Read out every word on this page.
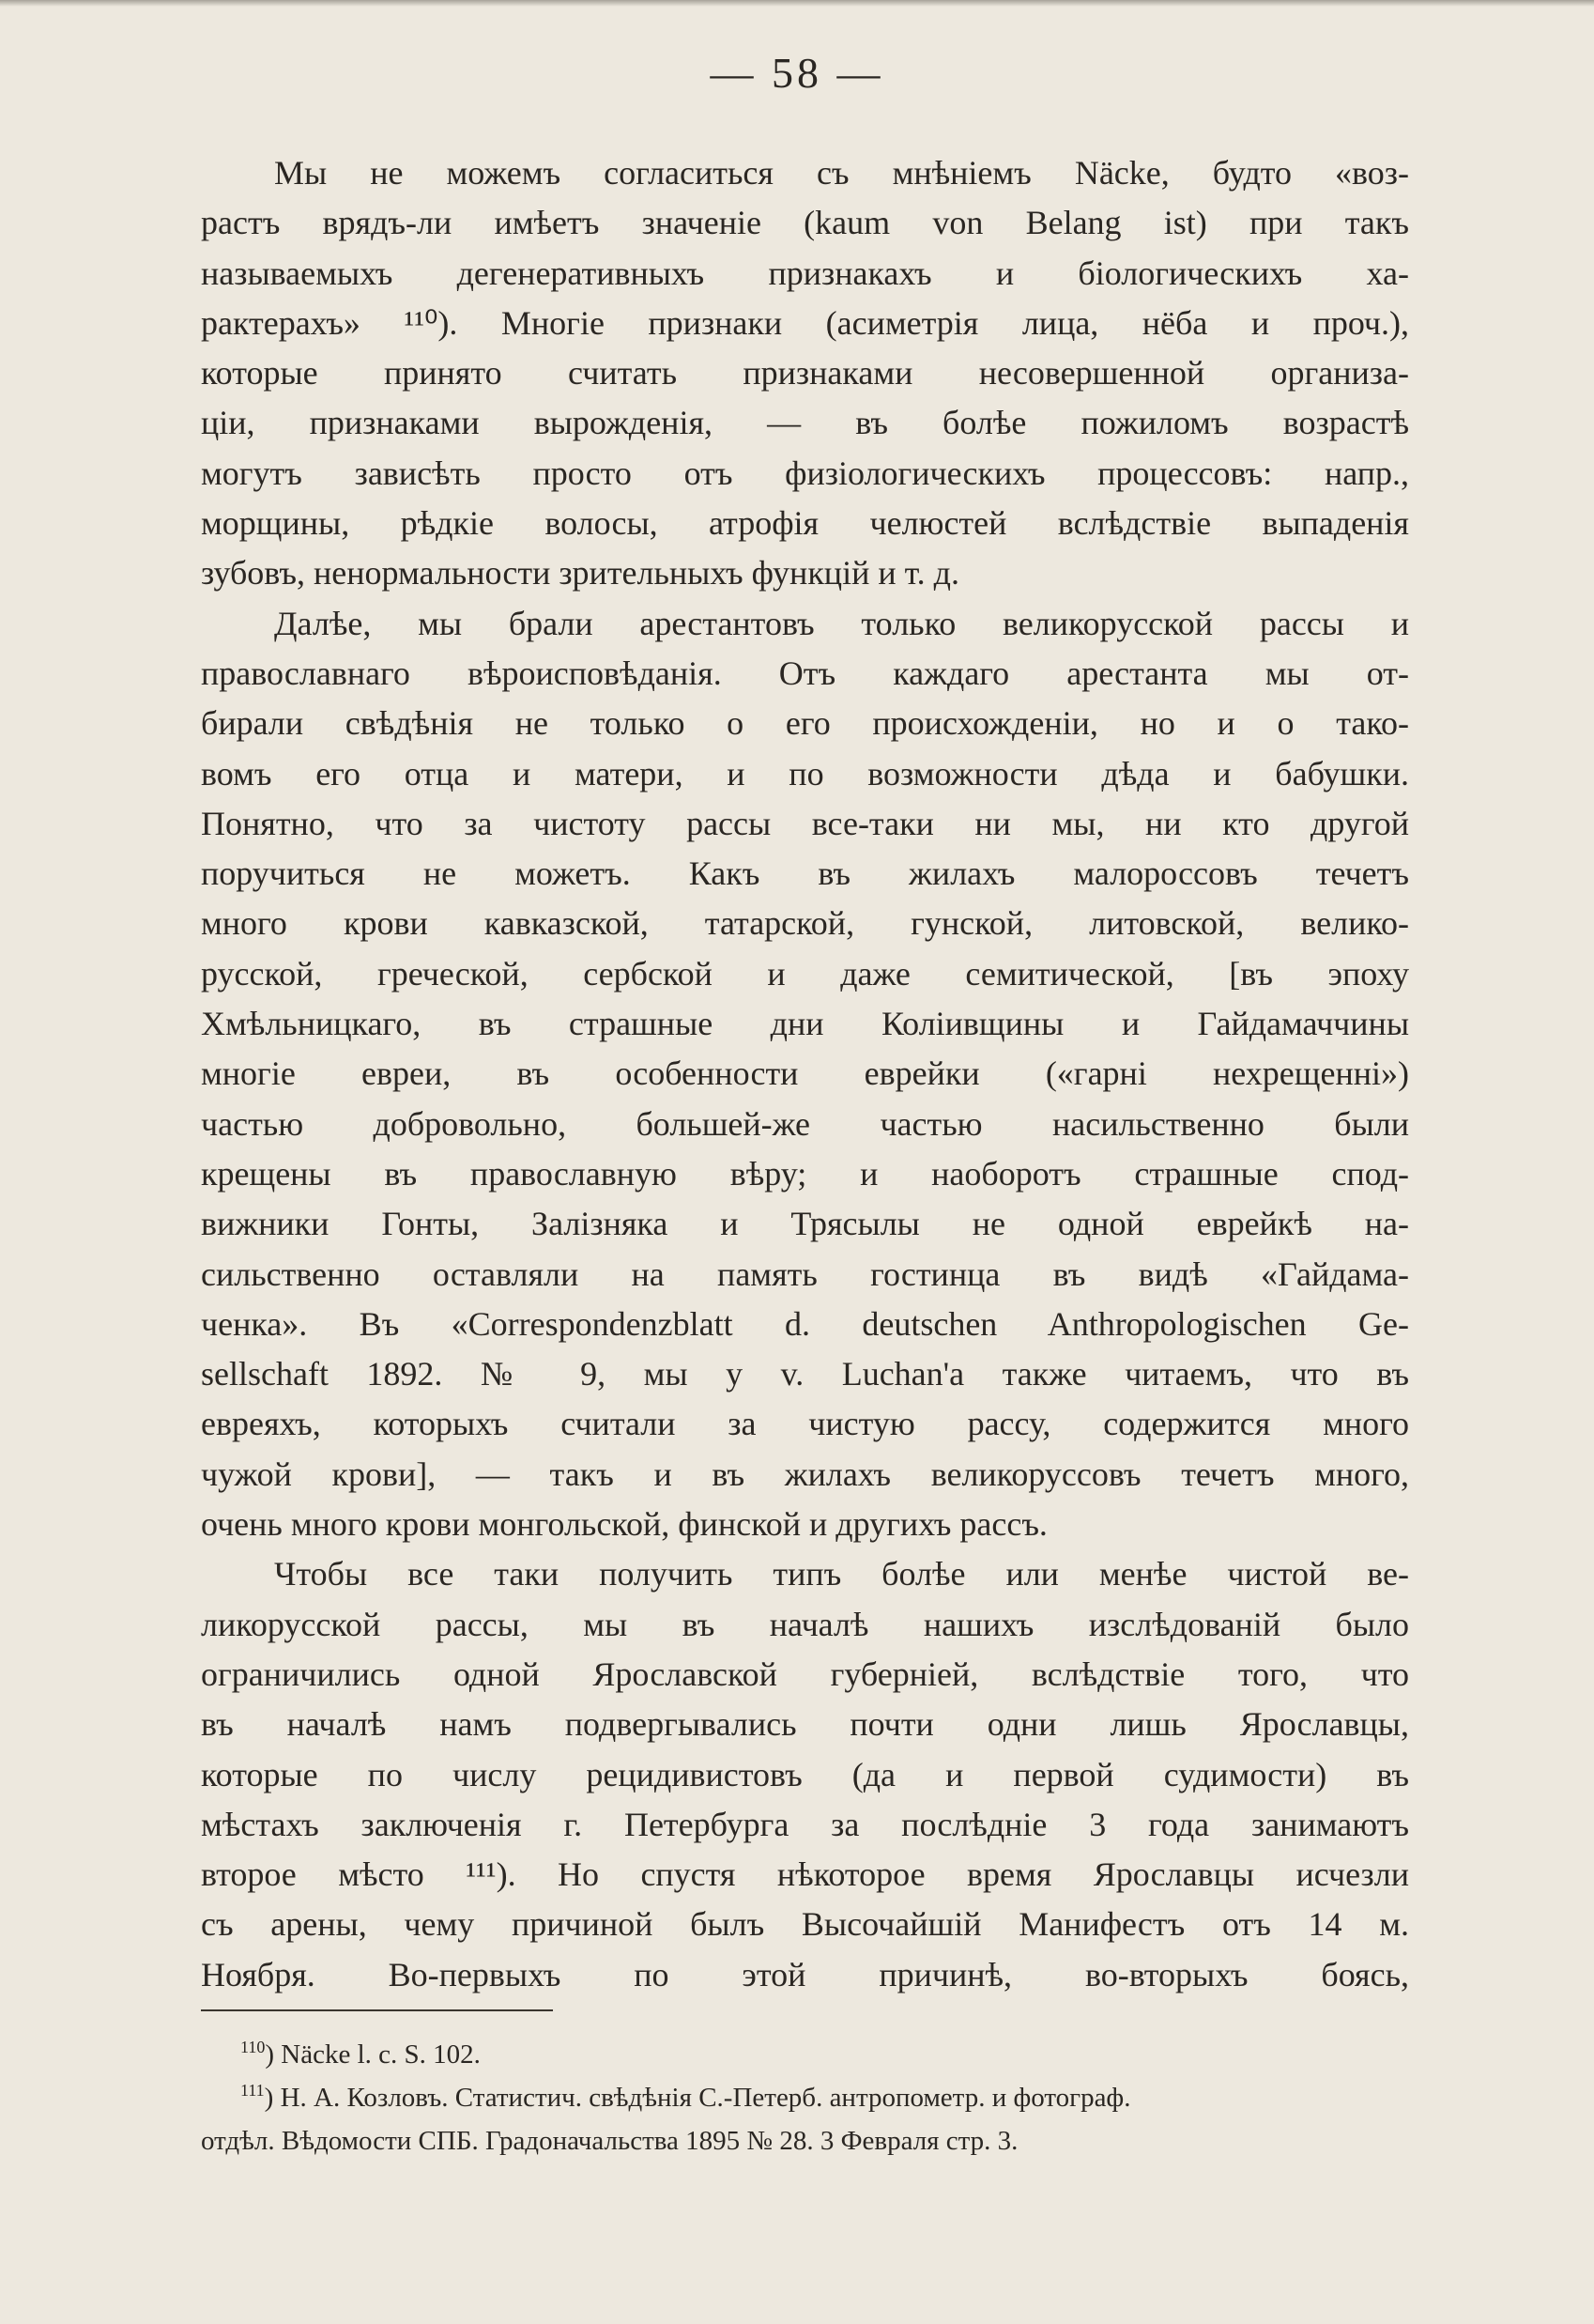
— 58 —
Мы не можемъ согласиться съ мнѣніемъ Näcke, будто «воз-
растъ врядъ-ли имѣетъ значеніе (kaum von Belang ist) при такъ
называемыхъ дегенеративныхъ признакахъ и біологическихъ ха-
рактерахъ» ¹¹⁰). Многіе признаки (асиметрія лица, нёба и проч.),
которые принято считать признаками несовершенной организа-
ціи, признаками вырожденія, — въ болѣе пожиломъ возрастѣ
могутъ зависѣть просто отъ физіологическихъ процессовъ: напр.,
морщины, рѣдкіе волосы, атрофія челюстей вслѣдствіе выпаденія
зубовъ, ненормальности зрительныхъ функцій и т. д.
Далѣе, мы брали арестантовъ только великорусской рассы и
православнаго вѣроисповѣданія. Отъ каждаго арестанта мы от-
бирали свѣдѣнія не только о его происхожденіи, но и о тако-
вомъ его отца и матери, и по возможности дѣда и бабушки.
Понятно, что за чистоту рассы все-таки ни мы, ни кто другой
поручиться не можетъ. Какъ въ жилахъ малороссовъ течетъ
много крови кавказской, татарской, гунской, литовской, велико-
русской, греческой, сербской и даже семитической, [въ эпоху
Хмѣльницкаго, въ страшные дни Коліивщины и Гайдамаччины
многіе евреи, въ особенности еврейки («гарні нехрещенні»)
частью добровольно, большей-же частью насильственно были
крещены въ православную вѣру; и наоборотъ страшные спод-
вижники Гонты, Залізняка и Трясылы не одной еврейкѣ на-
сильственно оставляли на память гостинца въ видѣ «Гайдама-
ченка». Въ «Correspondenzblatt d. deutschen Anthropologischen Ge-
sellschaft 1892. № 9, мы у v. Luchan'a также читаемъ, что въ
евреяхъ, которыхъ считали за чистую рассу, содержится много
чужой крови], — такъ и въ жилахъ великоруссовъ течетъ много,
очень много крови монгольской, финской и другихъ рассъ.
Чтобы все таки получить типъ болѣе или менѣе чистой ве-
ликорусской рассы, мы въ началѣ нашихъ изслѣдованій было
ограничились одной Ярославской губерніей, вслѣдствіе того, что
въ началѣ намъ подвергывались почти одни лишь Ярославцы,
которые по числу рецидивистовъ (да и первой судимости) въ
мѣстахъ заключенія г. Петербурга за послѣдніе 3 года занимаютъ
второе мѣсто ¹¹¹). Но спустя нѣкоторое время Ярославцы исчезли
съ арены, чему причиной былъ Высочайшій Манифестъ отъ 14 м.
Ноября. Во-первыхъ по этой причинѣ, во-вторыхъ боясь,
$^{110}$) Näcke l. c. S. 102.
$^{111}$) Н. А. Козловъ. Статистич. свѣдѣнія С.-Петерб. антропометр. и фотограф.
отдѣл. Вѣдомости СПБ. Градоначальства 1895 № 28. 3 Февраля стр. 3.
